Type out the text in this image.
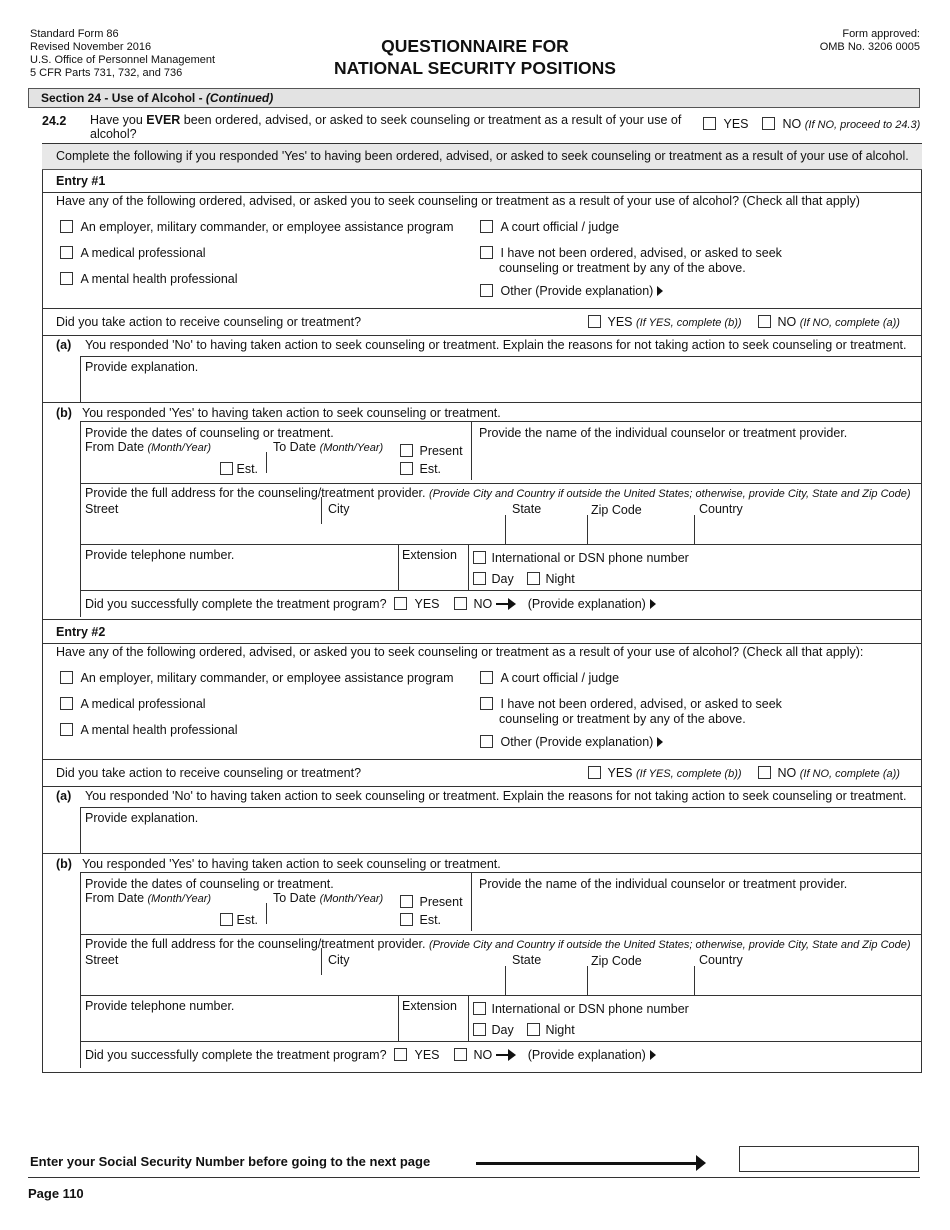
Standard Form 86
Revised November 2016
U.S. Office of Personnel Management
5 CFR Parts 731, 732, and 736
QUESTIONNAIRE FOR
NATIONAL SECURITY POSITIONS
Form approved:
OMB No. 3206 0005
Section 24 - Use of Alcohol - (Continued)
24.2 Have you EVER been ordered, advised, or asked to seek counseling or treatment as a result of your use of alcohol?
YES	NO (If NO, proceed to 24.3)
Complete the following if you responded 'Yes' to having been ordered, advised, or asked to seek counseling or treatment as a result of your use of alcohol.
Entry #1
Have any of the following ordered, advised, or asked you to seek counseling or treatment as a result of your use of alcohol? (Check all that apply)
An employer, military commander, or employee assistance program
A medical professional
A mental health professional
A court official / judge
I have not been ordered, advised, or asked to seek
counseling or treatment by any of the above.
Other (Provide explanation)
Did you take action to receive counseling or treatment?	YES (If YES, complete (b))	NO (If NO, complete (a))
(a) You responded 'No' to having taken action to seek counseling or treatment. Explain the reasons for not taking action to seek counseling or treatment.
Provide explanation.
(b) You responded 'Yes' to having taken action to seek counseling or treatment.
Provide the dates of counseling or treatment.
From Date (Month/Year)	To Date (Month/Year)
Est.
Present
Est.
Provide the name of the individual counselor or treatment provider.
Provide the full address for the counseling/treatment provider. (Provide City and Country if outside the United States; otherwise, provide City, State and Zip Code)
Street	City	State	Zip Code	Country
Provide telephone number.	Extension	International or DSN phone number
Day	Night
Did you successfully complete the treatment program?	YES	NO	(Provide explanation)
Entry #2
Have any of the following ordered, advised, or asked you to seek counseling or treatment as a result of your use of alcohol? (Check all that apply):
An employer, military commander, or employee assistance program
A medical professional
A mental health professional
A court official / judge
I have not been ordered, advised, or asked to seek
counseling or treatment by any of the above.
Other (Provide explanation)
Did you take action to receive counseling or treatment?	YES (If YES, complete (b))	NO (If NO, complete (a))
(a) You responded 'No' to having taken action to seek counseling or treatment. Explain the reasons for not taking action to seek counseling or treatment.
Provide explanation.
(b) You responded 'Yes' to having taken action to seek counseling or treatment.
Provide the dates of counseling or treatment.
From Date (Month/Year)	To Date (Month/Year)
Est.
Present
Est.
Provide the name of the individual counselor or treatment provider.
Provide the full address for the counseling/treatment provider. (Provide City and Country if outside the United States; otherwise, provide City, State and Zip Code)
Street	City	State	Zip Code	Country
Provide telephone number.	Extension	International or DSN phone number
Day	Night
Did you successfully complete the treatment program?	YES	NO	(Provide explanation)
Enter your Social Security Number before going to the next page
Page 110
